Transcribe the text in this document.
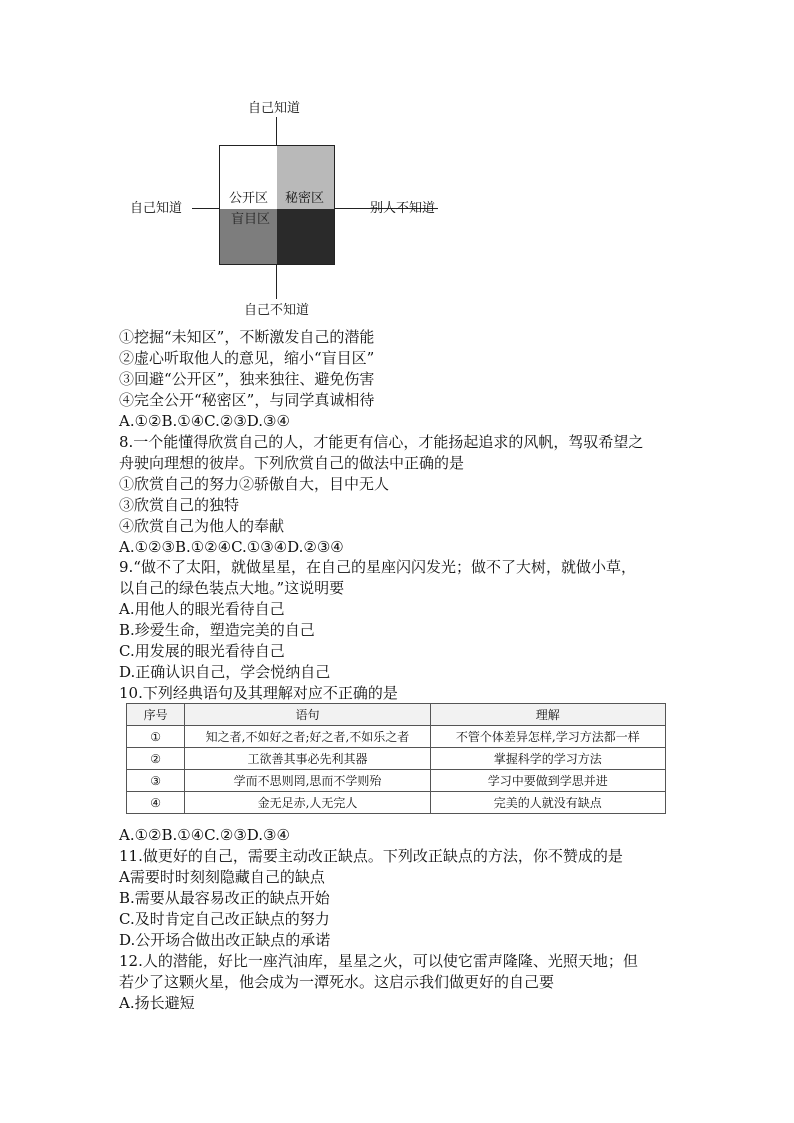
自己知道
公开区 秘密区
盲目区
自己知道	别人不知道
自己不知道
①挖掘“未知区”，不断激发自己的潜能
②虚心听取他人的意见，缩小“盲目区”
③回避“公开区”，独来独往、避免伤害
④完全公开“秘密区”，与同学真诚相待
A.①②B.①④C.②③D.③④
8.一个能懂得欣赏自己的人，才能更有信心，才能扬起追求的风帆，驾驭希望之
舟驶向理想的彼岸。下列欣赏自己的做法中正确的是
①欣赏自己的努力②骄傲自大，目中无人
③欣赏自己的独特
④欣赏自己为他人的奉献
A.①②③B.①②④C.①③④D.②③④
9.“做不了太阳，就做星星，在自己的星座闪闪发光；做不了大树，就做小草，
以自己的绿色装点大地。”这说明要
A.用他人的眼光看待自己
B.珍爱生命，塑造完美的自己
C.用发展的眼光看待自己
D.正确认识自己，学会悦纳自己
10.下列经典语句及其理解对应不正确的是
序号	语句	理解
①	知之者,不如好之者;好之者,不如乐之者	不管个体差异怎样,学习方法都一样
②	工欲善其事必先利其器	掌握科学的学习方法
③	学而不思则罔,思而不学则殆	学习中要做到学思并进
④	金无足赤,人无完人	完美的人就没有缺点
A.①②B.①④C.②③D.③④
11.做更好的自己，需要主动改正缺点。下列改正缺点的方法，你不赞成的是
A需要时时刻刻隐藏自己的缺点
B.需要从最容易改正的缺点开始
C.及时肯定自己改正缺点的努力
D.公开场合做出改正缺点的承诺
12.人的潜能，好比一座汽油库，星星之火，可以使它雷声隆隆、光照天地；但
若少了这颗火星，他会成为一潭死水。这启示我们做更好的自己要
A.扬长避短
